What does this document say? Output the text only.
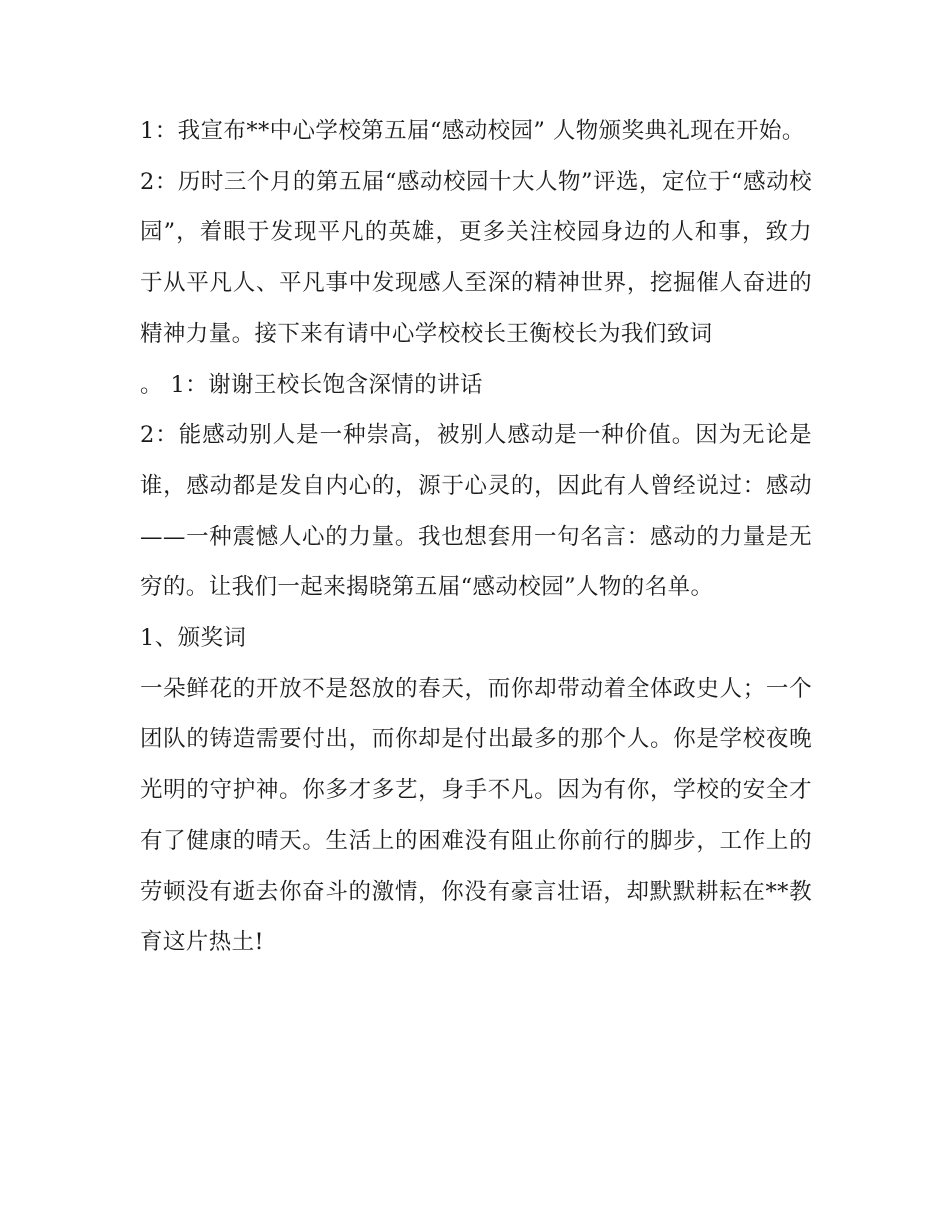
1：我宣布**中心学校第五届“感动校园” 人物颁奖典礼现在开始。

2：历时三个月的第五届“感动校园十大人物”评选，定位于“感动校园”，着眼于发现平凡的英雄，更多关注校园身边的人和事，致力于从平凡人、平凡事中发现感人至深的精神世界，挖掘催人奋进的精神力量。接下来有请中心学校校长王衡校长为我们致词

。 1：谢谢王校长饱含深情的讲话

2：能感动别人是一种崇高，被别人感动是一种价值。因为无论是谁，感动都是发自内心的，源于心灵的，因此有人曾经说过：感动——一种震憾人心的力量。我也想套用一句名言：感动的力量是无穷的。让我们一起来揭晓第五届“感动校园”人物的名单。

1、颁奖词

一朵鲜花的开放不是怒放的春天，而你却带动着全体政史人；一个团队的铸造需要付出，而你却是付出最多的那个人。你是学校夜晚光明的守护神。你多才多艺，身手不凡。因为有你，学校的安全才有了健康的晴天。生活上的困难没有阻止你前行的脚步，工作上的劳顿没有逝去你奋斗的激情，你没有豪言壮语，却默默耕耘在**教育这片热土!
